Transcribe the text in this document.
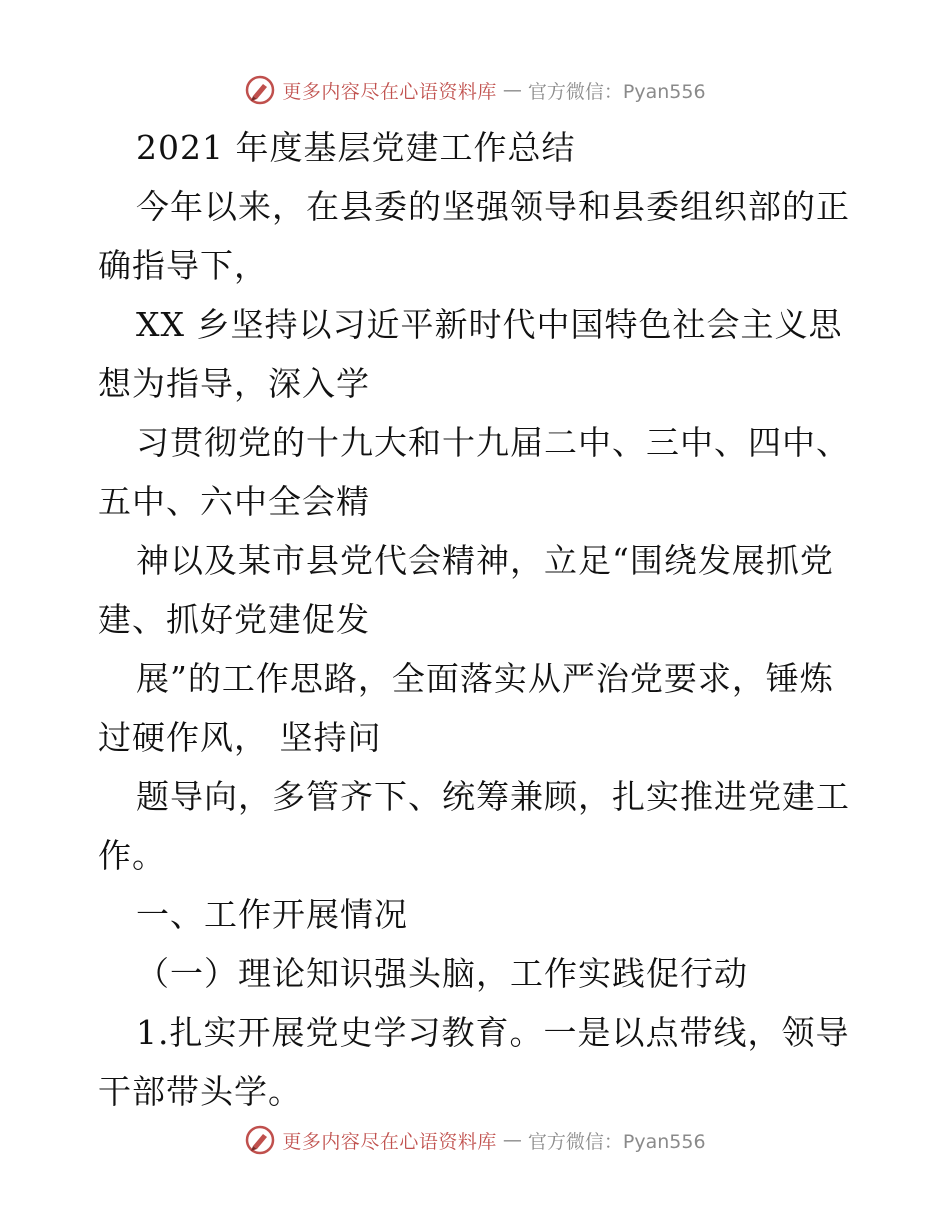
更多内容尽在心语资料库 — 官方微信：Pyan556
2021 年度基层党建工作总结
今年以来，在县委的坚强领导和县委组织部的正
确指导下，
XX 乡坚持以习近平新时代中国特色社会主义思
想为指导，深入学
习贯彻党的十九大和十九届二中、三中、四中、
五中、六中全会精
神以及某市县党代会精神，立足“围绕发展抓党
建、抓好党建促发
展”的工作思路，全面落实从严治党要求，锤炼
过硬作风， 坚持问
题导向，多管齐下、统筹兼顾，扎实推进党建工
作。
一、工作开展情况
（一）理论知识强头脑，工作实践促行动
1.扎实开展党史学习教育。一是以点带线，领导
干部带头学。
更多内容尽在心语资料库 — 官方微信：Pyan556
